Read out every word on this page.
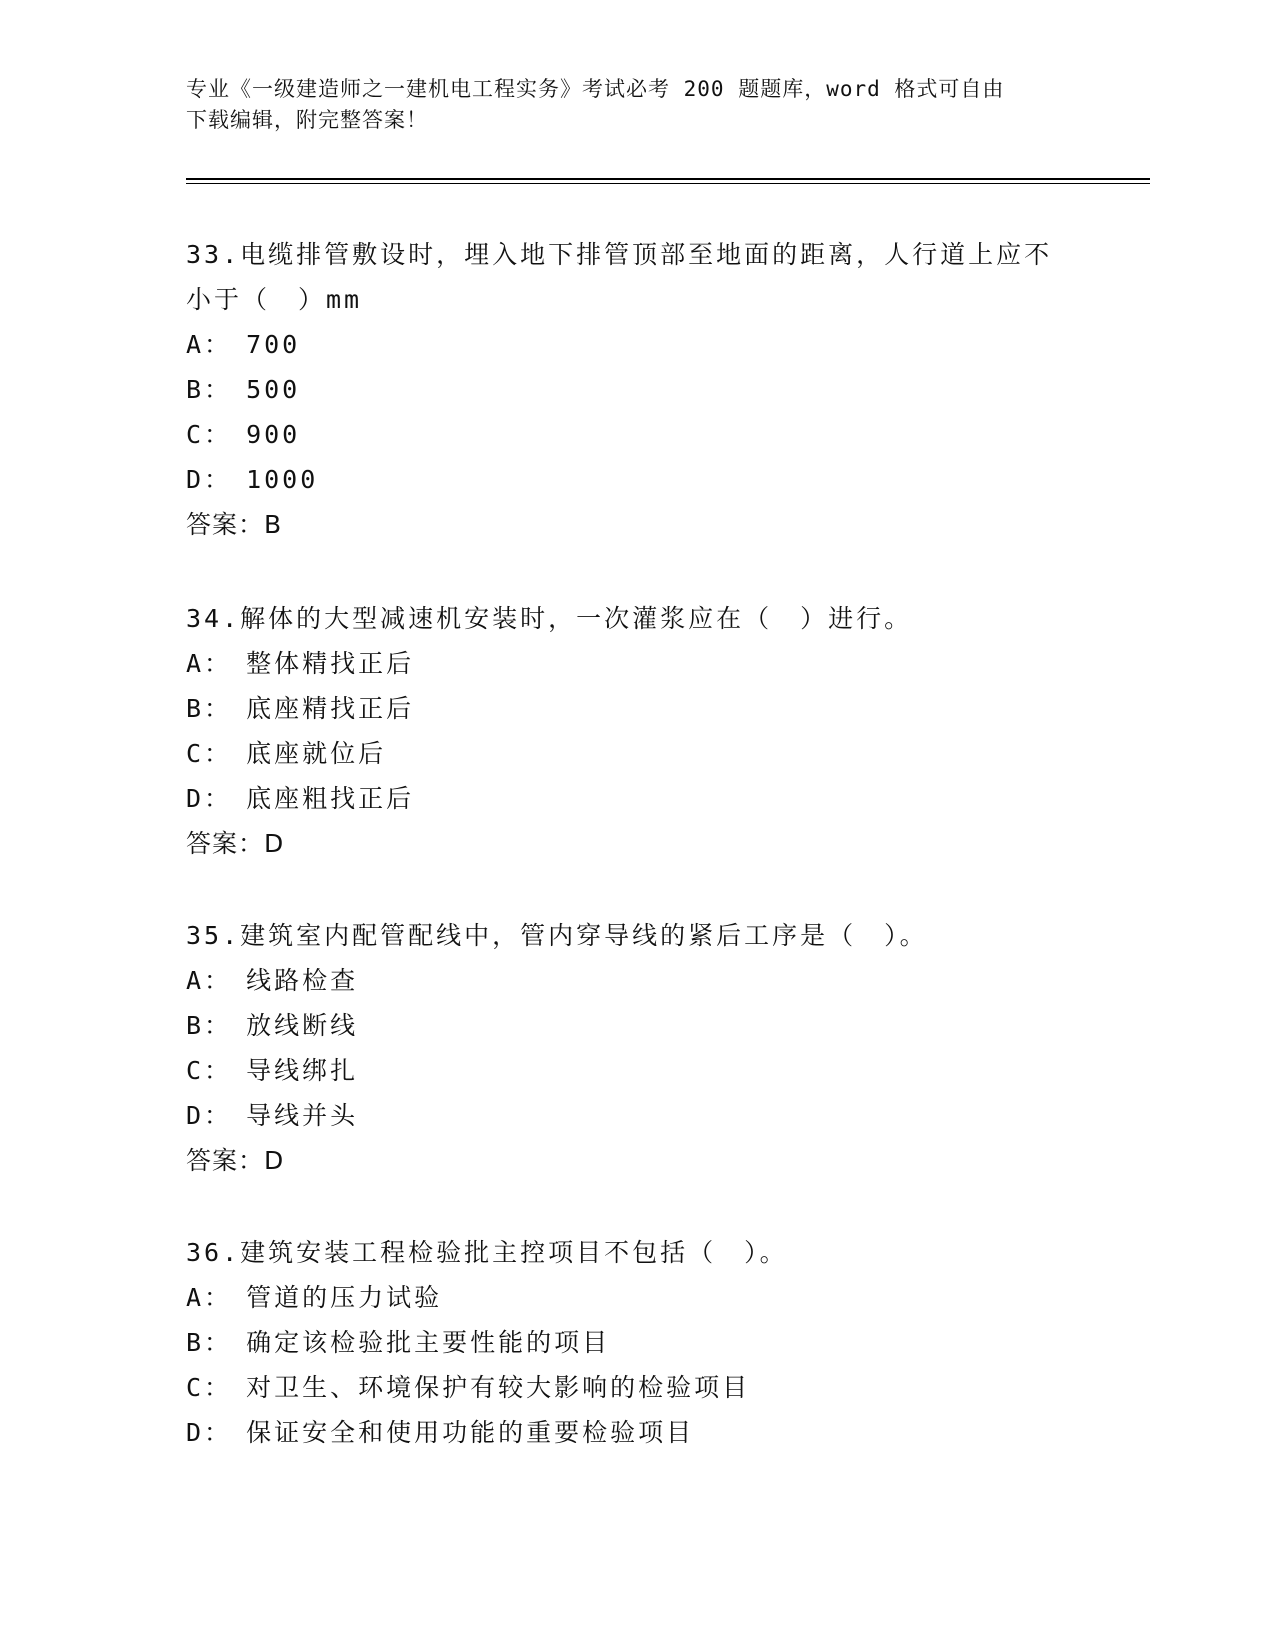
专业《一级建造师之一建机电工程实务》考试必考 200 题题库，word 格式可自由
下载编辑，附完整答案！
33.电缆排管敷设时，埋入地下排管顶部至地面的距离，人行道上应不
小于（　）mm
A： 700
B： 500
C： 900
D： 1000
答案：B
34.解体的大型减速机安装时，一次灌浆应在（　）进行。
A： 整体精找正后
B： 底座精找正后
C： 底座就位后
D： 底座粗找正后
答案：D
35.建筑室内配管配线中，管内穿导线的紧后工序是（　）。
A： 线路检查
B： 放线断线
C： 导线绑扎
D： 导线并头
答案：D
36.建筑安装工程检验批主控项目不包括（　）。
A： 管道的压力试验
B： 确定该检验批主要性能的项目
C： 对卫生、环境保护有较大影响的检验项目
D： 保证安全和使用功能的重要检验项目
